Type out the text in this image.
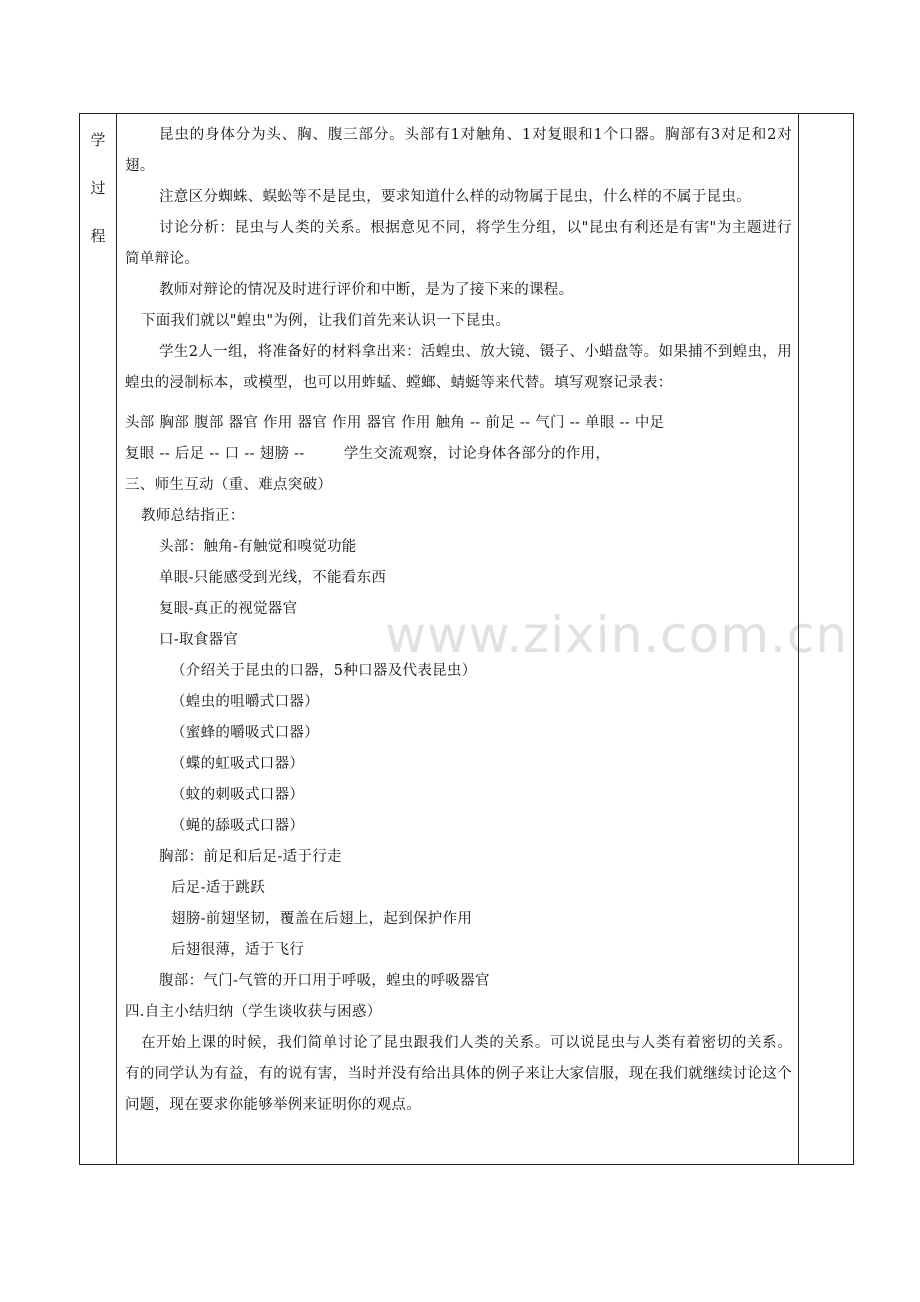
学
过
程

昆虫的身体分为头、胸、腹三部分。头部有1对触角、1对复眼和1个口器。胸部有3对足和2对翅。
注意区分蜘蛛、蜈蚣等不是昆虫，要求知道什么样的动物属于昆虫，什么样的不属于昆虫。
讨论分析：昆虫与人类的关系。根据意见不同，将学生分组，以"昆虫有利还是有害"为主题进行简单辩论。
教师对辩论的情况及时进行评价和中断，是为了接下来的课程。
下面我们就以"蝗虫"为例，让我们首先来认识一下昆虫。
学生2人一组，将准备好的材料拿出来：活蝗虫、放大镜、镊子、小蜡盘等。如果捕不到蝗虫，用蝗虫的浸制标本，或模型，也可以用蚱蜢、螳螂、蜻蜓等来代替。填写观察记录表：
头部 胸部 腹部 器官 作用 器官 作用 器官 作用 触角 -- 前足 -- 气门 -- 单眼 -- 中足
复眼 -- 后足 -- 口 -- 翅膀 --        学生交流观察，讨论身体各部分的作用，
三、师生互动（重、难点突破）
教师总结指正：
头部：触角-有触觉和嗅觉功能
单眼-只能感受到光线，不能看东西
复眼-真正的视觉器官
口-取食器官
（介绍关于昆虫的口器，5种口器及代表昆虫）
（蝗虫的咀嚼式口器）
（蜜蜂的嚼吸式口器）
（蝶的虹吸式口器）
（蚊的刺吸式口器）
（蝇的舔吸式口器）
胸部：前足和后足-适于行走
后足-适于跳跃
翅膀-前翅坚韧，覆盖在后翅上，起到保护作用
后翅很薄，适于飞行
腹部：气门-气管的开口用于呼吸，蝗虫的呼吸器官
四.自主小结归纳（学生谈收获与困惑）
在开始上课的时候，我们简单讨论了昆虫跟我们人类的关系。可以说昆虫与人类有着密切的关系。有的同学认为有益，有的说有害，当时并没有给出具体的例子来让大家信服，现在我们就继续讨论这个问题，现在要求你能够举例来证明你的观点。

www.zixin.com.cn
